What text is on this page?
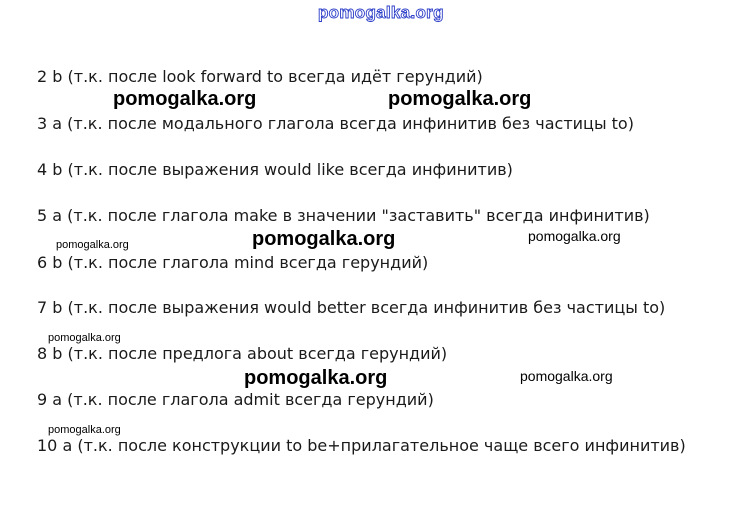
pomogalka.org
2 b (т.к. после look forward to всегда идёт герундий)
3 a (т.к. после модального глагола всегда инфинитив без частицы to)
4 b (т.к. после выражения would like всегда инфинитив)
5 a (т.к. после глагола make в значении "заставить" всегда инфинитив)
6 b (т.к. после глагола mind всегда герундий)
7 b (т.к. после выражения would better всегда инфинитив без частицы to)
8 b (т.к. после предлога about всегда герундий)
9 a (т.к. после глагола admit всегда герундий)
10 a (т.к. после конструкции to be+прилагательное чаще всего инфинитив)
pomogalka.org	pomogalka.org
pomogalka.org	pomogalka.org	pomogalka.org
pomogalka.org
pomogalka.org	pomogalka.org
pomogalka.org
